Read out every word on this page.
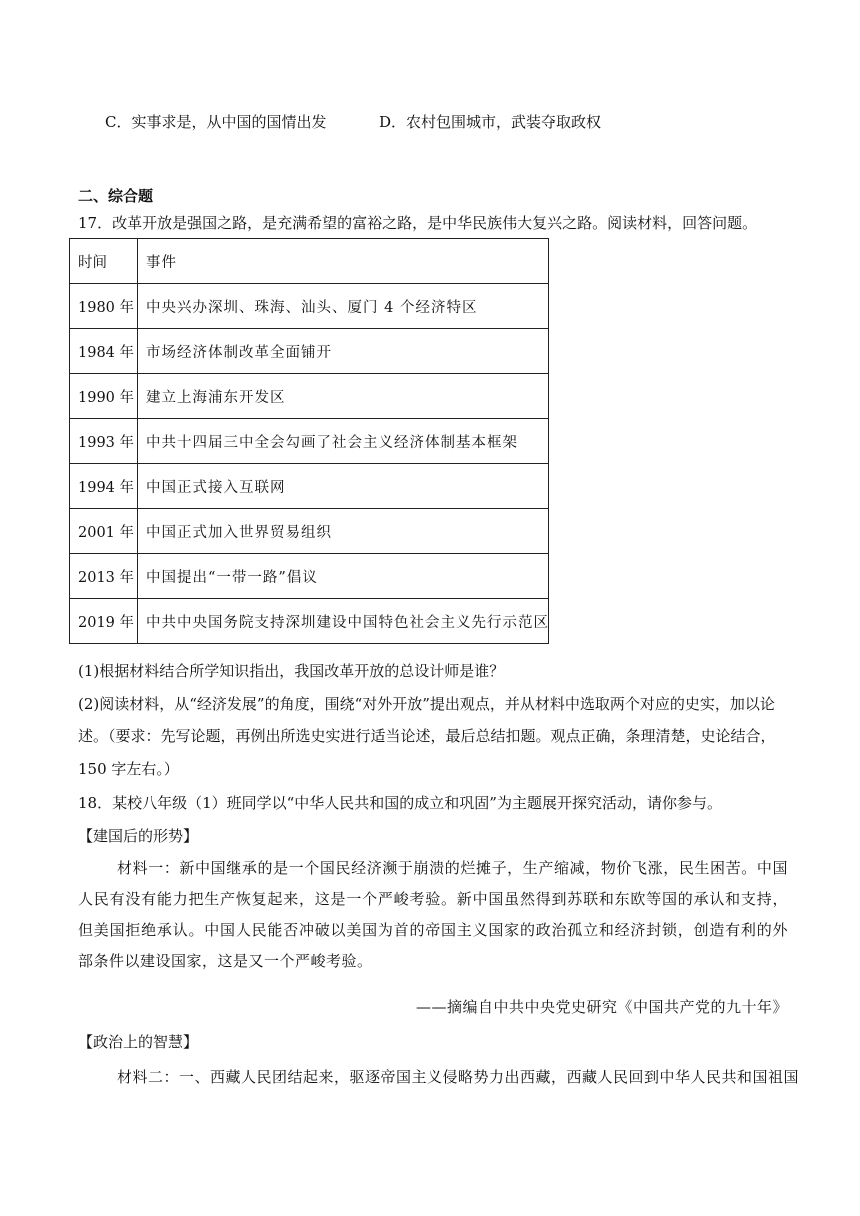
C．实事求是，从中国的国情出发	D．农村包围城市，武装夺取政权
二、综合题
17．改革开放是强国之路，是充满希望的富裕之路，是中华民族伟大复兴之路。阅读材料，回答问题。
时间	事件
1980 年	中央兴办深圳、珠海、汕头、厦门 4 个经济特区
1984 年	市场经济体制改革全面铺开
1990 年	建立上海浦东开发区
1993 年	中共十四届三中全会勾画了社会主义经济体制基本框架
1994 年	中国正式接入互联网
2001 年	中国正式加入世界贸易组织
2013 年	中国提出“一带一路”倡议
2019 年	中共中央国务院支持深圳建设中国特色社会主义先行示范区
(1)根据材料结合所学知识指出，我国改革开放的总设计师是谁？
(2)阅读材料，从“经济发展”的角度，围绕“对外开放”提出观点，并从材料中选取两个对应的史实，加以论
述。（要求：先写论题，再例出所选史实进行适当论述，最后总结扣题。观点正确，条理清楚，史论结合，
150 字左右。）
18．某校八年级（1）班同学以“中华人民共和国的成立和巩固”为主题展开探究活动，请你参与。
【建国后的形势】
材料一：新中国继承的是一个国民经济濒于崩溃的烂摊子，生产缩减，物价飞涨，民生困苦。中国人民有没有能力把生产恢复起来，这是一个严峻考验。新中国虽然得到苏联和东欧等国的承认和支持，但美国拒绝承认。中国人民能否冲破以美国为首的帝国主义国家的政治孤立和经济封锁，创造有利的外部条件以建设国家，这是又一个严峻考验。
——摘编自中共中央党史研究《中国共产党的九十年》
【政治上的智慧】
材料二：一、西藏人民团结起来，驱逐帝国主义侵略势力出西藏，西藏人民回到中华人民共和国祖国
